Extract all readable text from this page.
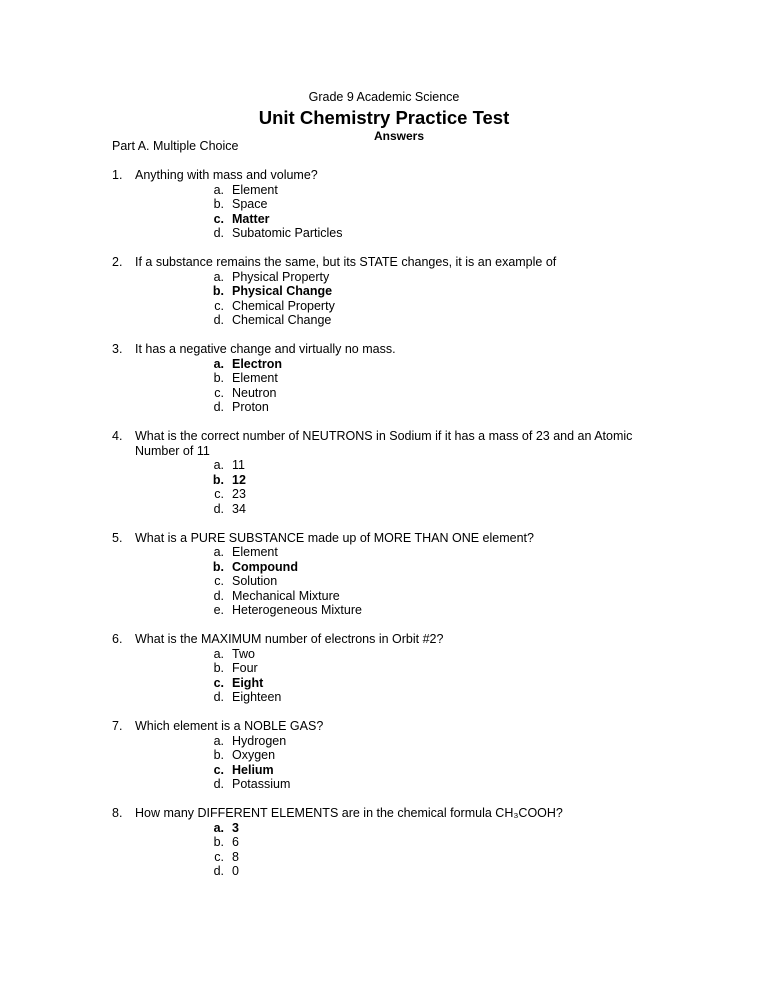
Grade 9 Academic Science
Unit Chemistry Practice Test
Answers
Part A. Multiple Choice
1.	Anything with mass and volume?
a. Element
b. Space
c. Matter
d. Subatomic Particles
2.	If a substance remains the same, but its STATE changes, it is an example of
a. Physical Property
b. Physical Change
c. Chemical Property
d. Chemical Change
3.	It has a negative change and virtually no mass.
a. Electron
b. Element
c. Neutron
d. Proton
4.	What is the correct number of NEUTRONS in Sodium if it has a mass of 23 and an Atomic Number of 11
a. 11
b. 12
c. 23
d. 34
5.	What is a PURE SUBSTANCE made up of MORE THAN ONE element?
a. Element
b. Compound
c. Solution
d. Mechanical Mixture
e. Heterogeneous Mixture
6.	What is the MAXIMUM number of electrons in Orbit #2?
a. Two
b. Four
c. Eight
d. Eighteen
7.	Which element is a NOBLE GAS?
a. Hydrogen
b. Oxygen
c. Helium
d. Potassium
8.	How many DIFFERENT ELEMENTS are in the chemical formula CH₃COOH?
a. 3
b. 6
c. 8
d. 0
